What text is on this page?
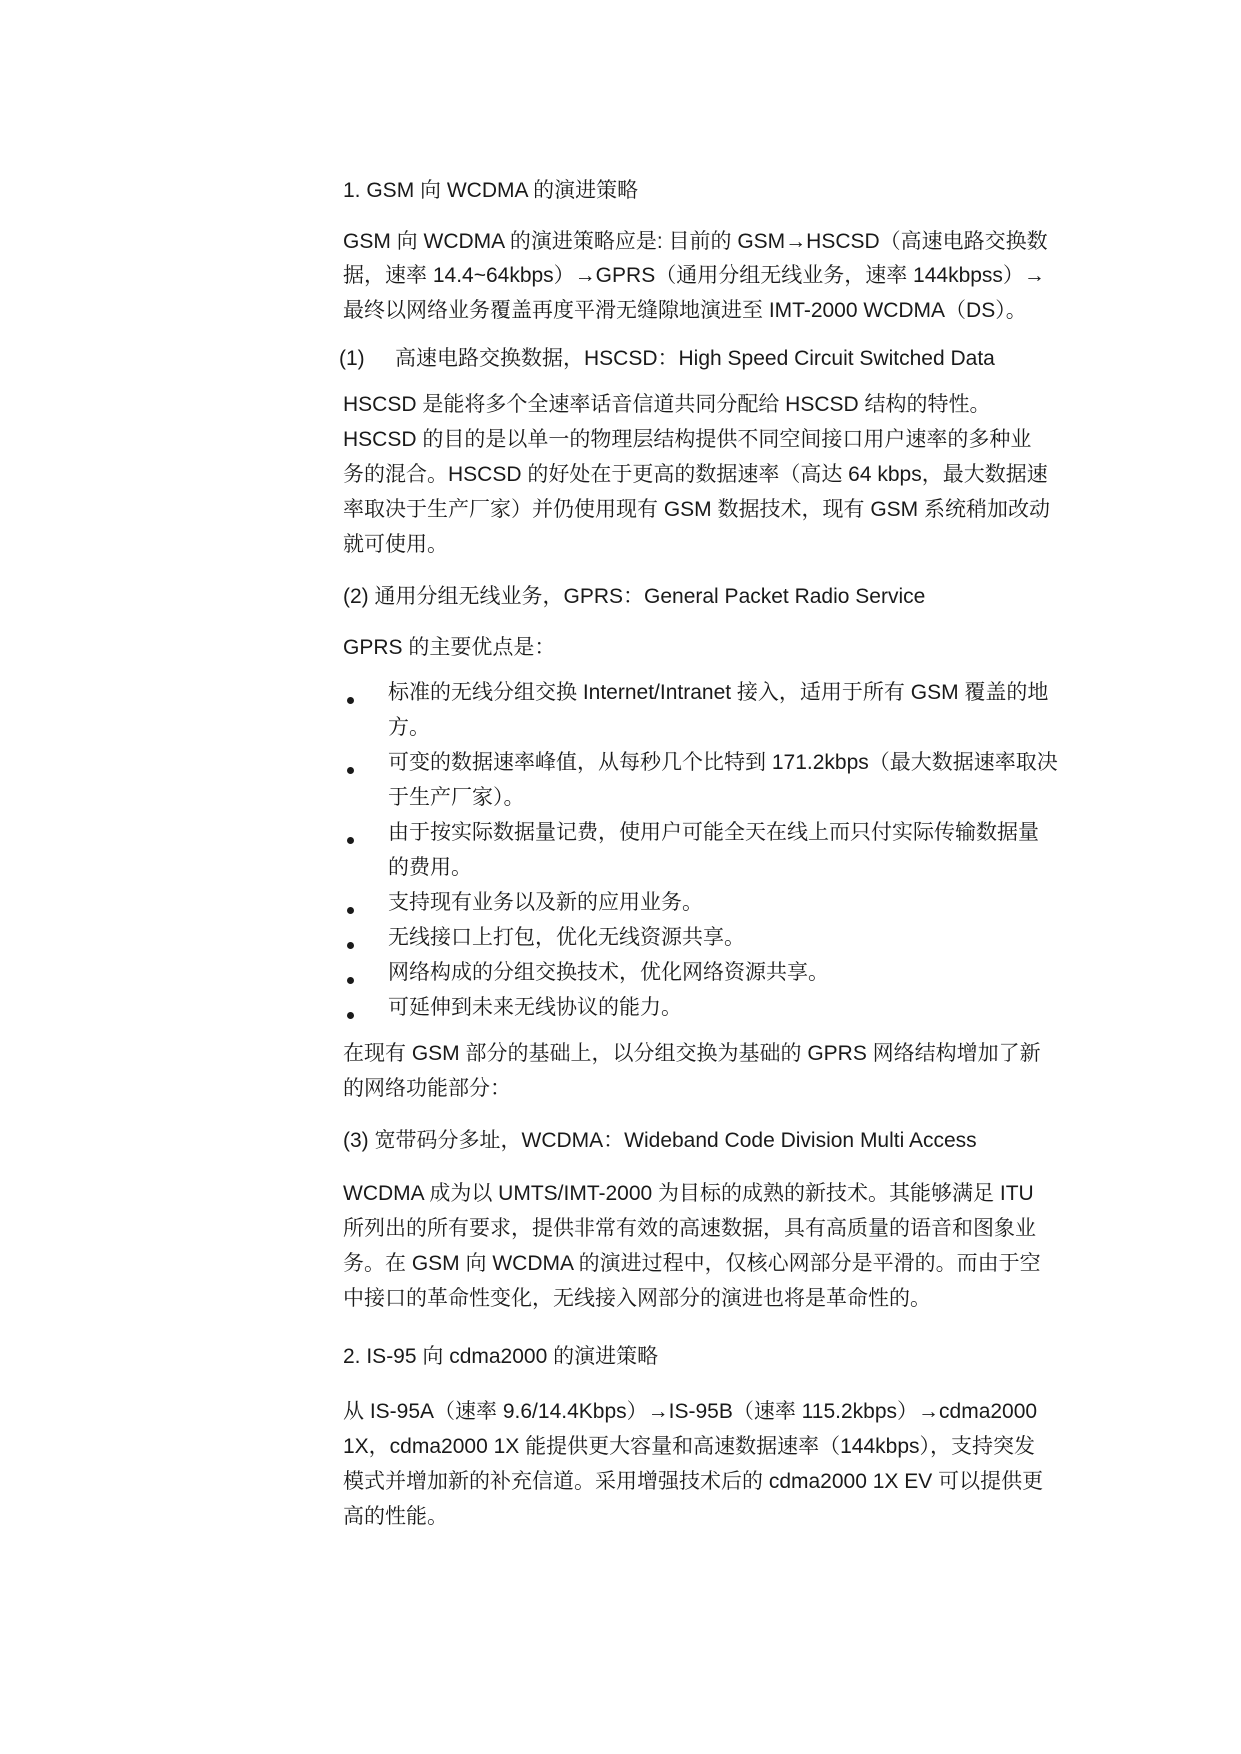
1. GSM 向 WCDMA 的演进策略
GSM 向 WCDMA 的演进策略应是: 目前的 GSM→HSCSD（高速电路交换数
据，速率 14.4~64kbps）→GPRS（通用分组无线业务，速率 144kbpss）→
最终以网络业务覆盖再度平滑无缝隙地演进至 IMT-2000 WCDMA（DS）。
(1) 高速电路交换数据，HSCSD：High Speed Circuit Switched Data
HSCSD 是能将多个全速率话音信道共同分配给 HSCSD 结构的特性。
HSCSD 的目的是以单一的物理层结构提供不同空间接口用户速率的多种业
务的混合。HSCSD 的好处在于更高的数据速率（高达 64 kbps，最大数据速
率取决于生产厂家）并仍使用现有 GSM 数据技术，现有 GSM 系统稍加改动
就可使用。
(2) 通用分组无线业务，GPRS：General Packet Radio Service
GPRS 的主要优点是：
标准的无线分组交换 Internet/Intranet 接入，适用于所有 GSM 覆盖的地
方。
可变的数据速率峰值，从每秒几个比特到 171.2kbps（最大数据速率取决
于生产厂家）。
由于按实际数据量记费，使用户可能全天在线上而只付实际传输数据量
的费用。
支持现有业务以及新的应用业务。
无线接口上打包，优化无线资源共享。
网络构成的分组交换技术，优化网络资源共享。
可延伸到未来无线协议的能力。
在现有 GSM 部分的基础上，以分组交换为基础的 GPRS 网络结构增加了新
的网络功能部分：
(3) 宽带码分多址，WCDMA：Wideband Code Division Multi Access
WCDMA 成为以 UMTS/IMT-2000 为目标的成熟的新技术。其能够满足 ITU
所列出的所有要求，提供非常有效的高速数据，具有高质量的语音和图象业
务。在 GSM 向 WCDMA 的演进过程中，仅核心网部分是平滑的。而由于空
中接口的革命性变化，无线接入网部分的演进也将是革命性的。
2. IS-95 向 cdma2000 的演进策略
从 IS-95A（速率 9.6/14.4Kbps）→IS-95B（速率 115.2kbps）→cdma2000
1X，cdma2000 1X 能提供更大容量和高速数据速率（144kbps），支持突发
模式并增加新的补充信道。采用增强技术后的 cdma2000 1X EV 可以提供更
高的性能。
